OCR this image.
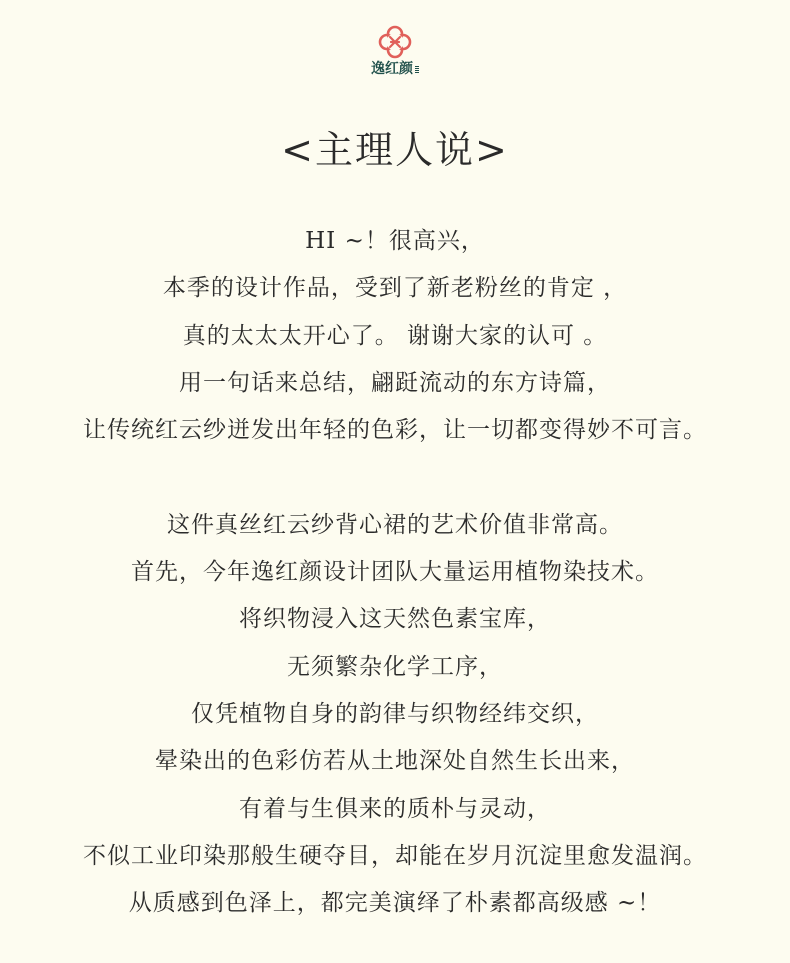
逸红颜
<主理人说>
HI ~！很高兴，
本季的设计作品，受到了新老粉丝的肯定 ，
真的太太太开心了。 谢谢大家的认可 。
用一句话来总结，翩跹流动的东方诗篇，
让传统红云纱迸发出年轻的色彩，让一切都变得妙不可言。
这件真丝红云纱背心裙的艺术价值非常高。
首先，今年逸红颜设计团队大量运用植物染技术。
将织物浸入这天然色素宝库，
无须繁杂化学工序，
仅凭植物自身的韵律与织物经纬交织，
晕染出的色彩仿若从土地深处自然生长出来，
有着与生俱来的质朴与灵动，
不似工业印染那般生硬夺目，却能在岁月沉淀里愈发温润。
从质感到色泽上，都完美演绎了朴素都高级感 ~！
